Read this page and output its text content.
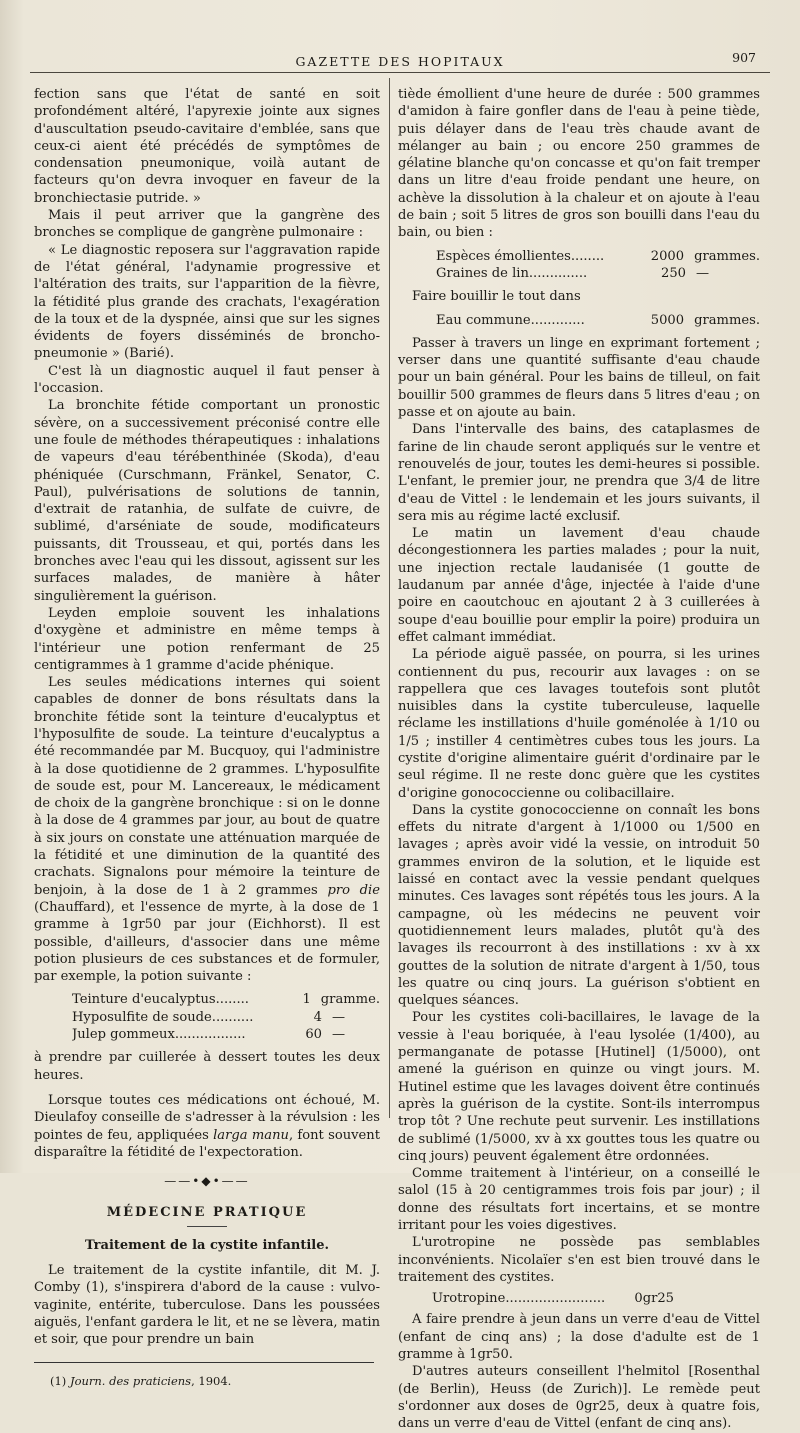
GAZETTE DES HOPITAUX	907

fection sans que l'état de santé en soit profondément altéré, l'apyrexie jointe aux signes d'auscultation pseudo-cavitaire d'emblée, sans que ceux-ci aient été précédés de symptômes de condensation pneumonique, voilà autant de facteurs qu'on devra invoquer en faveur de la bronchiectasie putride. »

Mais il peut arriver que la gangrène des bronches se complique de gangrène pulmonaire :

« Le diagnostic reposera sur l'aggravation rapide de l'état général, l'adynamie progressive et l'altération des traits, sur l'apparition de la fièvre, la fétidité plus grande des crachats, l'exagération de la toux et de la dyspnée, ainsi que sur les signes évidents de foyers disséminés de broncho-pneumonie » (Barié).

C'est là un diagnostic auquel il faut penser à l'occasion.

La bronchite fétide comportant un pronostic sévère, on a successivement préconisé contre elle une foule de méthodes thérapeutiques : inhalations de vapeurs d'eau térébenthinée (Skoda), d'eau phéniquée (Curschmann, Fränkel, Senator, C. Paul), pulvérisations de solutions de tannin, d'extrait de ratanhia, de sulfate de cuivre, de sublimé, d'arséniate de soude, modificateurs puissants, dit Trousseau, et qui, portés dans les bronches avec l'eau qui les dissout, agissent sur les surfaces malades, de manière à hâter singulièrement la guérison.

Leyden emploie souvent les inhalations d'oxygène et administre en même temps à l'intérieur une potion renfermant de 25 centigrammes à 1 gramme d'acide phénique.

Les seules médications internes qui soient capables de donner de bons résultats dans la bronchite fétide sont la teinture d'eucalyptus et l'hyposulfite de soude. La teinture d'eucalyptus a été recommandée par M. Bucquoy, qui l'administre à la dose quotidienne de 2 grammes. L'hyposulfite de soude est, pour M. Lancereaux, le médicament de choix de la gangrène bronchique : si on le donne à la dose de 4 grammes par jour, au bout de quatre à six jours on constate une atténuation marquée de la fétidité et une diminution de la quantité des crachats. Signalons pour mémoire la teinture de benjoin, à la dose de 1 à 2 grammes pro die (Chauffard), et l'essence de myrte, à la dose de 1 gramme à 1gr50 par jour (Eichhorst). Il est possible, d'ailleurs, d'associer dans une même potion plusieurs de ces substances et de formuler, par exemple, la potion suivante :

Teinture d'eucalyptus........	1 gramme.
Hyposulfite de soude..........	4 —
Julep gommeux.................	60 —

à prendre par cuillerée à dessert toutes les deux heures.

Lorsque toutes ces médications ont échoué, M. Dieulafoy conseille de s'adresser à la révulsion : les pointes de feu, appliquées larga manu, font souvent disparaître la fétidité de l'expectoration.

——•◆•——
MÉDECINE PRATIQUE
Traitement de la cystite infantile.

Le traitement de la cystite infantile, dit M. J. Comby (1), s'inspirera d'abord de la cause : vulvo-vaginite, entérite, tuberculose. Dans les poussées aiguës, l'enfant gardera le lit, et ne se lèvera, matin et soir, que pour prendre un bain

(1) Journ. des praticiens, 1904.

tiède émollient d'une heure de durée : 500 grammes d'amidon à faire gonfler dans de l'eau à peine tiède, puis délayer dans de l'eau très chaude avant de mélanger au bain ; ou encore 250 grammes de gélatine blanche qu'on concasse et qu'on fait tremper dans un litre d'eau froide pendant une heure, on achève la dissolution à la chaleur et on ajoute à l'eau de bain ; soit 5 litres de gros son bouilli dans l'eau du bain, ou bien :

Espèces émollientes........	2000 grammes.
Graines de lin..............	250 —

Faire bouillir le tout dans

Eau commune.............	5000 grammes.

Passer à travers un linge en exprimant fortement ; verser dans une quantité suffisante d'eau chaude pour un bain général. Pour les bains de tilleul, on fait bouillir 500 grammes de fleurs dans 5 litres d'eau ; on passe et on ajoute au bain.

Dans l'intervalle des bains, des cataplasmes de farine de lin chaude seront appliqués sur le ventre et renouvelés de jour, toutes les demi-heures si possible. L'enfant, le premier jour, ne prendra que 3/4 de litre d'eau de Vittel : le lendemain et les jours suivants, il sera mis au régime lacté exclusif.

Le matin un lavement d'eau chaude décongestionnera les parties malades ; pour la nuit, une injection rectale laudanisée (1 goutte de laudanum par année d'âge, injectée à l'aide d'une poire en caoutchouc en ajoutant 2 à 3 cuillerées à soupe d'eau bouillie pour emplir la poire) produira un effet calmant immédiat.

La période aiguë passée, on pourra, si les urines contiennent du pus, recourir aux lavages : on se rappellera que ces lavages toutefois sont plutôt nuisibles dans la cystite tuberculeuse, laquelle réclame les instillations d'huile goménolée à 1/10 ou 1/5 ; instiller 4 centimètres cubes tous les jours. La cystite d'origine alimentaire guérit d'ordinaire par le seul régime. Il ne reste donc guère que les cystites d'origine gonococcienne ou colibacillaire.

Dans la cystite gonococcienne on connaît les bons effets du nitrate d'argent à 1/1000 ou 1/500 en lavages ; après avoir vidé la vessie, on introduit 50 grammes environ de la solution, et le liquide est laissé en contact avec la vessie pendant quelques minutes. Ces lavages sont répétés tous les jours. A la campagne, où les médecins ne peuvent voir quotidiennement leurs malades, plutôt qu'à des lavages ils recourront à des instillations : xv à xx gouttes de la solution de nitrate d'argent à 1/50, tous les quatre ou cinq jours. La guérison s'obtient en quelques séances.

Pour les cystites coli-bacillaires, le lavage de la vessie à l'eau boriquée, à l'eau lysolée (1/400), au permanganate de potasse [Hutinel] (1/5000), ont amené la guérison en quinze ou vingt jours. M. Hutinel estime que les lavages doivent être continués après la guérison de la cystite. Sont-ils interrompus trop tôt ? Une rechute peut survenir. Les instillations de sublimé (1/5000, xv à xx gouttes tous les quatre ou cinq jours) peuvent également être ordonnées.

Comme traitement à l'intérieur, on a conseillé le salol (15 à 20 centigrammes trois fois par jour) ; il donne des résultats fort incertains, et se montre irritant pour les voies digestives.

L'urotropine ne possède pas semblables inconvénients. Nicolaïer s'en est bien trouvé dans le traitement des cystites.

Urotropine........................	0gr25

A faire prendre à jeun dans un verre d'eau de Vittel (enfant de cinq ans) ; la dose d'adulte est de 1 gramme à 1gr50.

D'autres auteurs conseillent l'helmitol [Rosenthal (de Berlin), Heuss (de Zurich)]. Le remède peut s'ordonner aux doses de 0gr25, deux à quatre fois, dans un verre d'eau de Vittel (enfant de cinq ans).
